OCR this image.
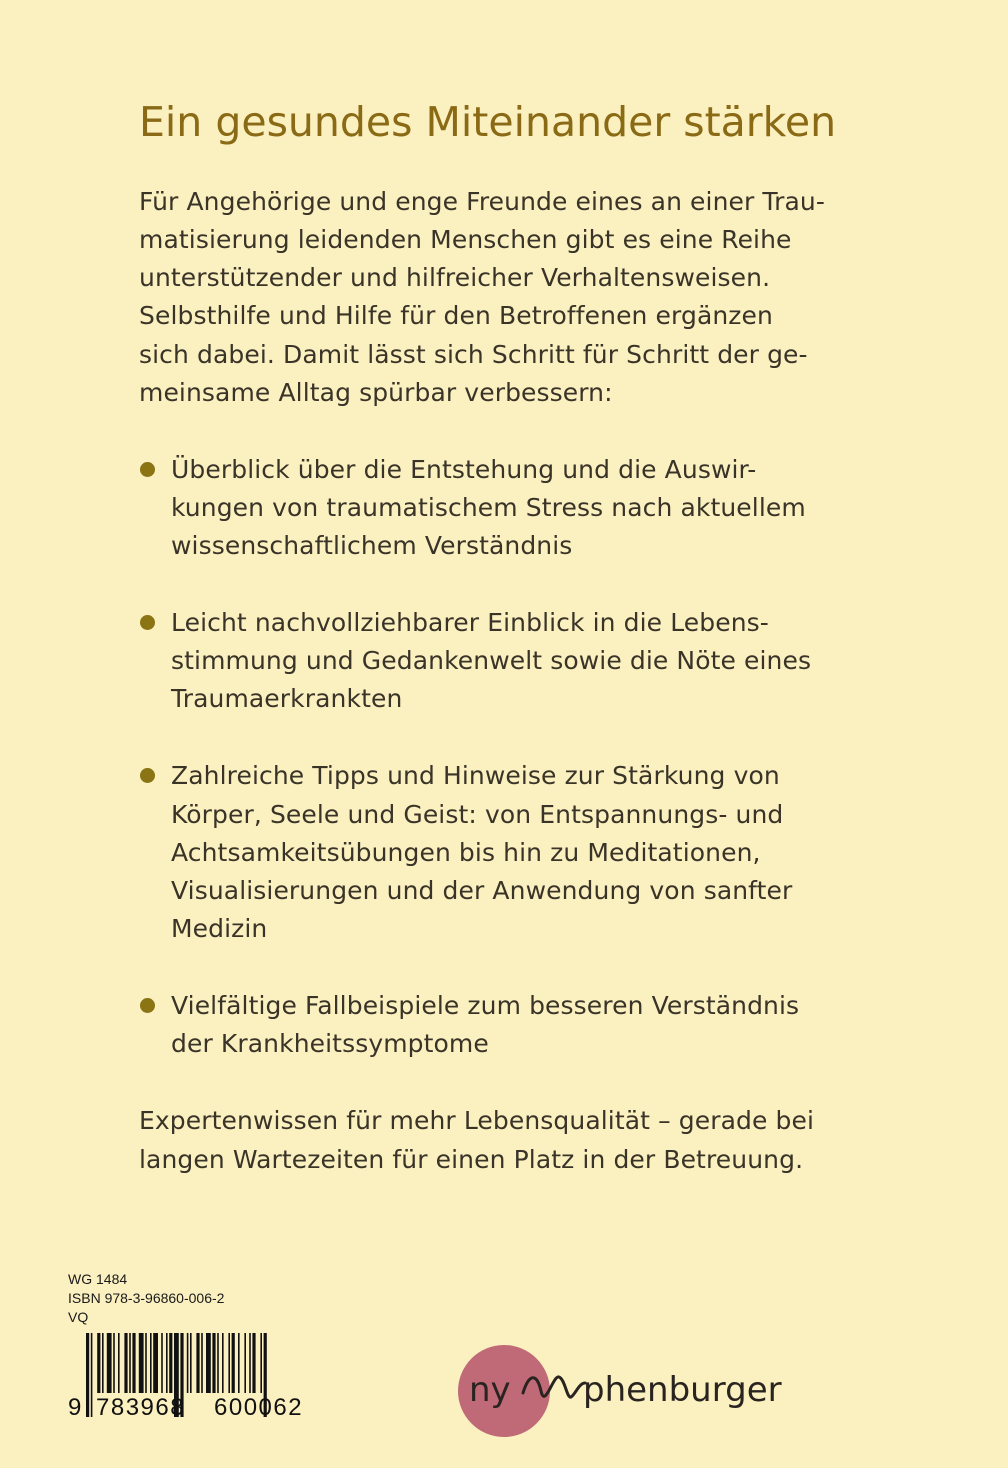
Ein gesundes Miteinander stärken
Für Angehörige und enge Freunde eines an einer Trau-
matisierung leidenden Menschen gibt es eine Reihe
unterstützender und hilfreicher Verhaltensweisen.
Selbsthilfe und Hilfe für den Betroffenen ergänzen
sich dabei. Damit lässt sich Schritt für Schritt der ge-
meinsame Alltag spürbar verbessern:
Überblick über die Entstehung und die Auswir-
kungen von traumatischem Stress nach aktuellem
wissenschaftlichem Verständnis
Leicht nachvollziehbarer Einblick in die Lebens-
stimmung und Gedankenwelt sowie die Nöte eines
Traumaerkrankten
Zahlreiche Tipps und Hinweise zur Stärkung von
Körper, Seele und Geist: von Entspannungs- und
Achtsamkeitsübungen bis hin zu Meditationen,
Visualisierungen und der Anwendung von sanfter
Medizin
Vielfältige Fallbeispiele zum besseren Verständnis
der Krankheitssymptome
Expertenwissen für mehr Lebensqualität – gerade bei
langen Wartezeiten für einen Platz in der Betreuung.
WG 1484
ISBN 978-3-96860-006-2
VQ
9 783968 600062	ny phenburger
